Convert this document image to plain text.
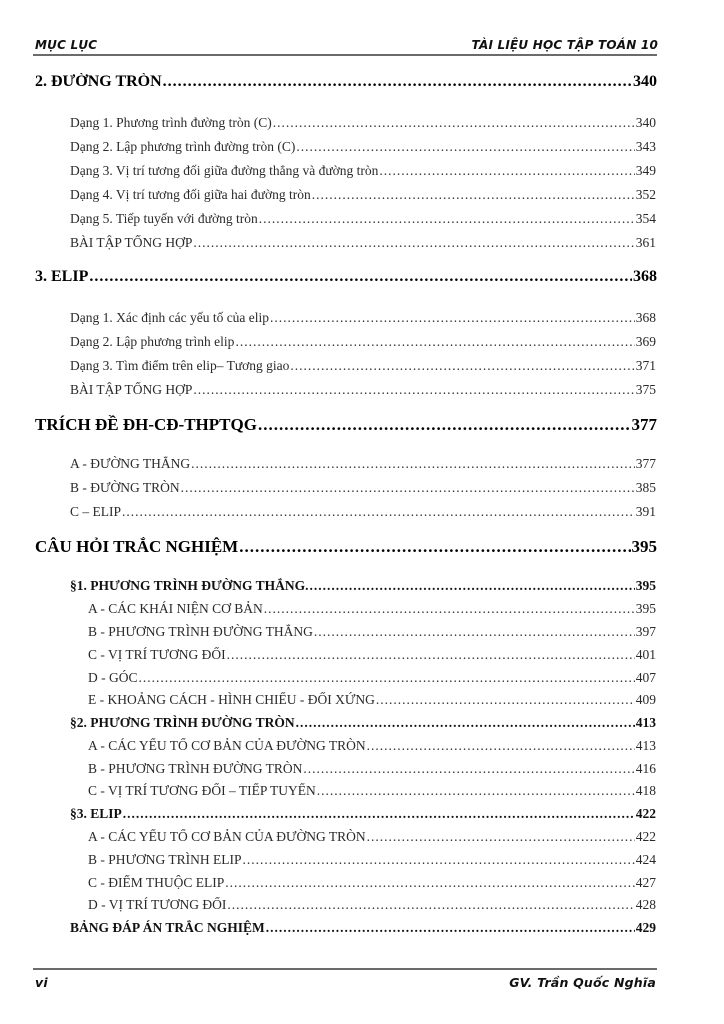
MỤC LỤC	TÀI LIỆU HỌC TẬP TOÁN 10
2. ĐƯỜNG TRÒN .....	340
Dạng 1. Phương trình đường tròn (C) .....	340
Dạng 2. Lập phương trình đường tròn (C) .....	343
Dạng 3. Vị trí tương đối giữa đường thẳng và đường tròn .....	349
Dạng 4. Vị trí tương đối giữa hai đường tròn .....	352
Dạng 5. Tiếp tuyến với đường tròn .....	354
BÀI TẬP TỔNG HỢP .....	361
3. ELIP .....	368
Dạng 1. Xác định các yếu tố của elip .....	368
Dạng 2. Lập phương trình elip .....	369
Dạng 3. Tìm điểm trên elip– Tương giao .....	371
BÀI TẬP TỔNG HỢP .....	375
TRÍCH ĐỀ ĐH-CĐ-THPTQG .....	377
A - ĐƯỜNG THẲNG .....	377
B - ĐƯỜNG TRÒN .....	385
C – ELIP .....	391
CÂU HỎI TRẮC NGHIỆM .....	395
§1. PHƯƠNG TRÌNH ĐƯỜNG THẲNG. .....	395
A - CÁC KHÁI NIỆN CƠ BẢN .....	395
B - PHƯƠNG TRÌNH ĐƯỜNG THẲNG .....	397
C - VỊ TRÍ TƯƠNG ĐỐI .....	401
D - GÓC .....	407
E - KHOẢNG CÁCH - HÌNH CHIẾU - ĐỐI XỨNG .....	409
§2. PHƯƠNG TRÌNH ĐƯỜNG TRÒN .....	413
A - CÁC YẾU TỐ CƠ BẢN CỦA ĐƯỜNG TRÒN .....	413
B - PHƯƠNG TRÌNH ĐƯỜNG TRÒN .....	416
C - VỊ TRÍ TƯƠNG ĐỐI – TIẾP TUYẾN .....	418
§3. ELIP .....	422
A - CÁC YẾU TỐ CƠ BẢN CỦA ĐƯỜNG TRÒN .....	422
B - PHƯƠNG TRÌNH ELIP .....	424
C - ĐIỂM THUỘC ELIP .....	427
D - VỊ TRÍ TƯƠNG ĐỐI .....	428
BẢNG ĐÁP ÁN TRẮC NGHIỆM .....	429
vi	GV. Trần Quốc Nghĩa
